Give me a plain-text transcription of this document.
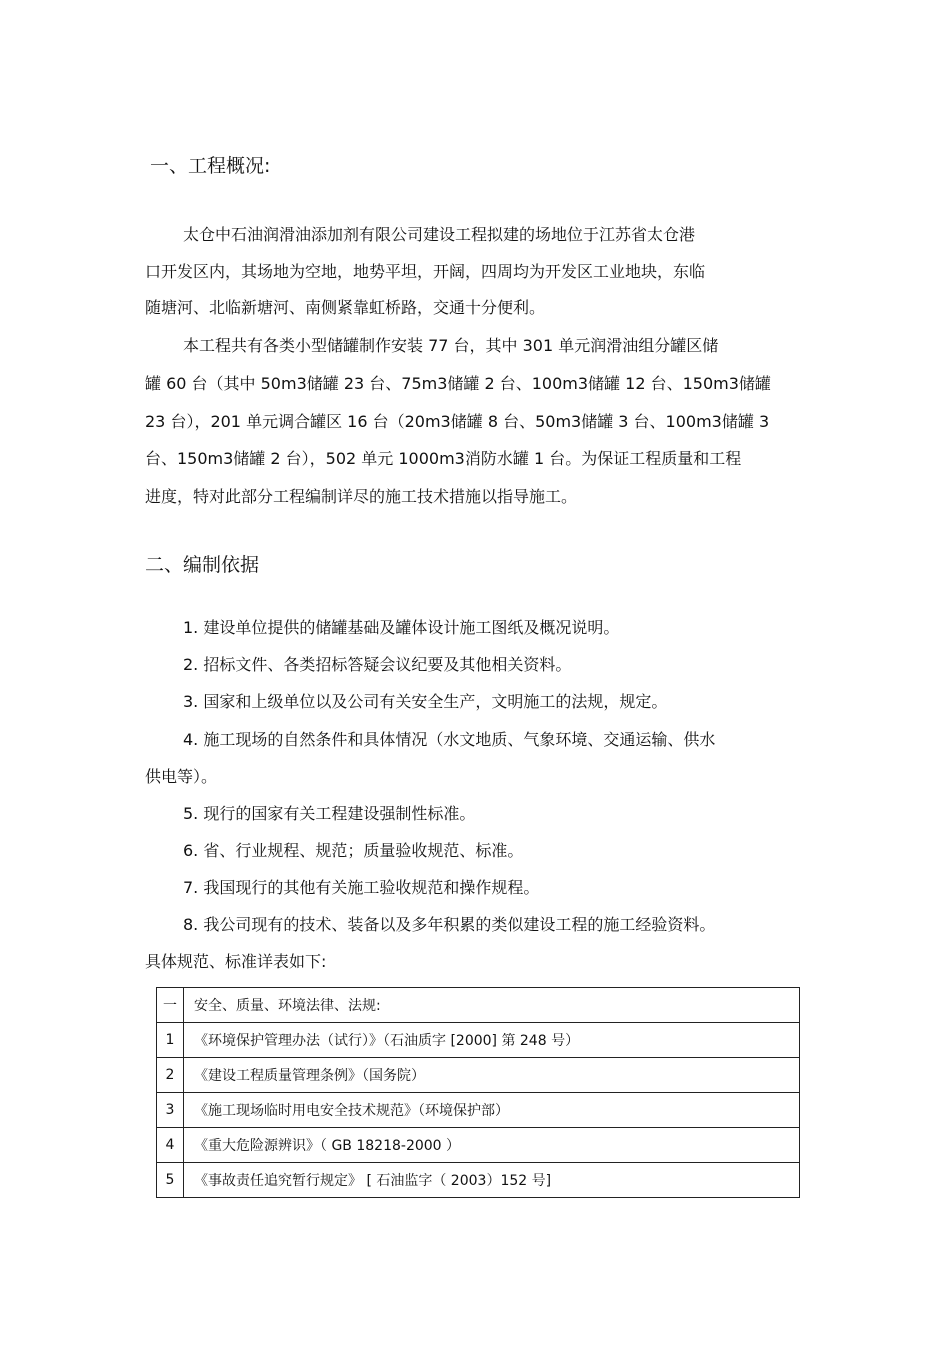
一、工程概况:
太仓中石油润滑油添加剂有限公司建设工程拟建的场地位于江苏省太仓港
口开发区内，其场地为空地，地势平坦，开阔，四周均为开发区工业地块，东临
随塘河、北临新塘河、南侧紧靠虹桥路，交通十分便利。
本工程共有各类小型储罐制作安装 77 台，其中 301 单元润滑油组分罐区储
罐 60 台（其中 50m3储罐 23 台、75m3储罐 2 台、100m3储罐 12 台、150m3储罐
23 台），201 单元调合罐区 16 台（20m3储罐 8 台、50m3储罐 3 台、100m3储罐 3
台、150m3储罐 2 台），502 单元 1000m3消防水罐 1 台。为保证工程质量和工程
进度，特对此部分工程编制详尽的施工技术措施以指导施工。
二、编制依据
1. 建设单位提供的储罐基础及罐体设计施工图纸及概况说明。
2. 招标文件、各类招标答疑会议纪要及其他相关资料。
3. 国家和上级单位以及公司有关安全生产，文明施工的法规，规定。
4. 施工现场的自然条件和具体情况（水文地质、气象环境、交通运输、供水
供电等）。
5. 现行的国家有关工程建设强制性标准。
6. 省、行业规程、规范；质量验收规范、标准。
7. 我国现行的其他有关施工验收规范和操作规程。
8. 我公司现有的技术、装备以及多年积累的类似建设工程的施工经验资料。
具体规范、标准详表如下:
一	安全、质量、环境法律、法规:
1	《环境保护管理办法（试行）》（石油质字 [2000] 第 248 号）
2	《建设工程质量管理条例》（国务院）
3	《施工现场临时用电安全技术规范》（环境保护部）
4	《重大危险源辨识》（ GB 18218-2000 ）
5	《事故责任追究暂行规定》 [ 石油监字（ 2003）152 号]
